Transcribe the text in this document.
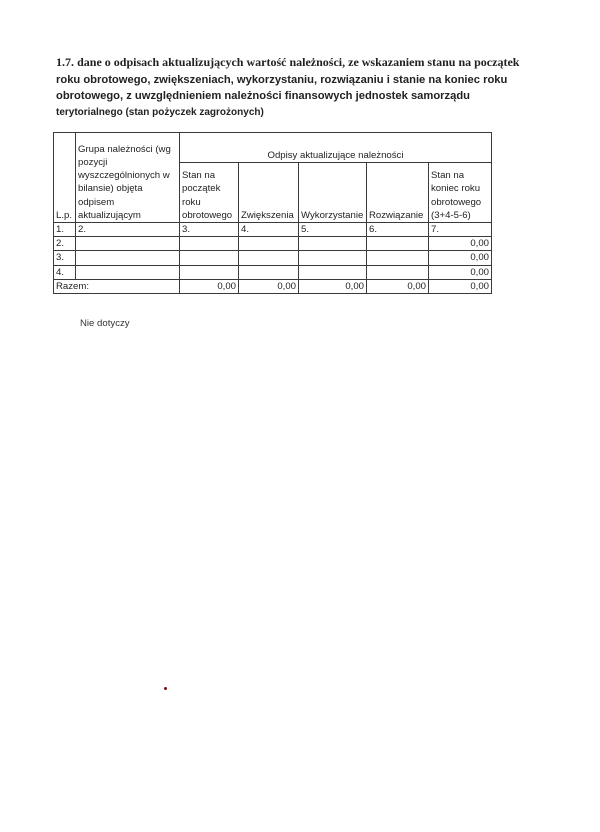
1.7. dane o odpisach aktualizujących wartość należności, ze wskazaniem stanu na początek
roku obrotowego, zwiększeniach, wykorzystaniu, rozwiązaniu i stanie na koniec roku
obrotowego, z uwzględnieniem należności finansowych jednostek samorządu
terytorialnego (stan pożyczek zagrożonych)
L.p.	Grupa należności (wg pozycji wyszczególnionych w bilansie) objęta odpisem aktualizującym	Odpisy aktualizujące należności				
		Stan na początek roku obrotowego	Zwiększenia	Wykorzystanie	Rozwiązanie	Stan na koniec roku obrotowego (3+4-5-6)
1.	2.	3.	4.	5.	6.	7.
2.						0,00
3.						0,00
4.						0,00
Razem:		0,00	0,00	0,00	0,00	0,00
Nie dotyczy
